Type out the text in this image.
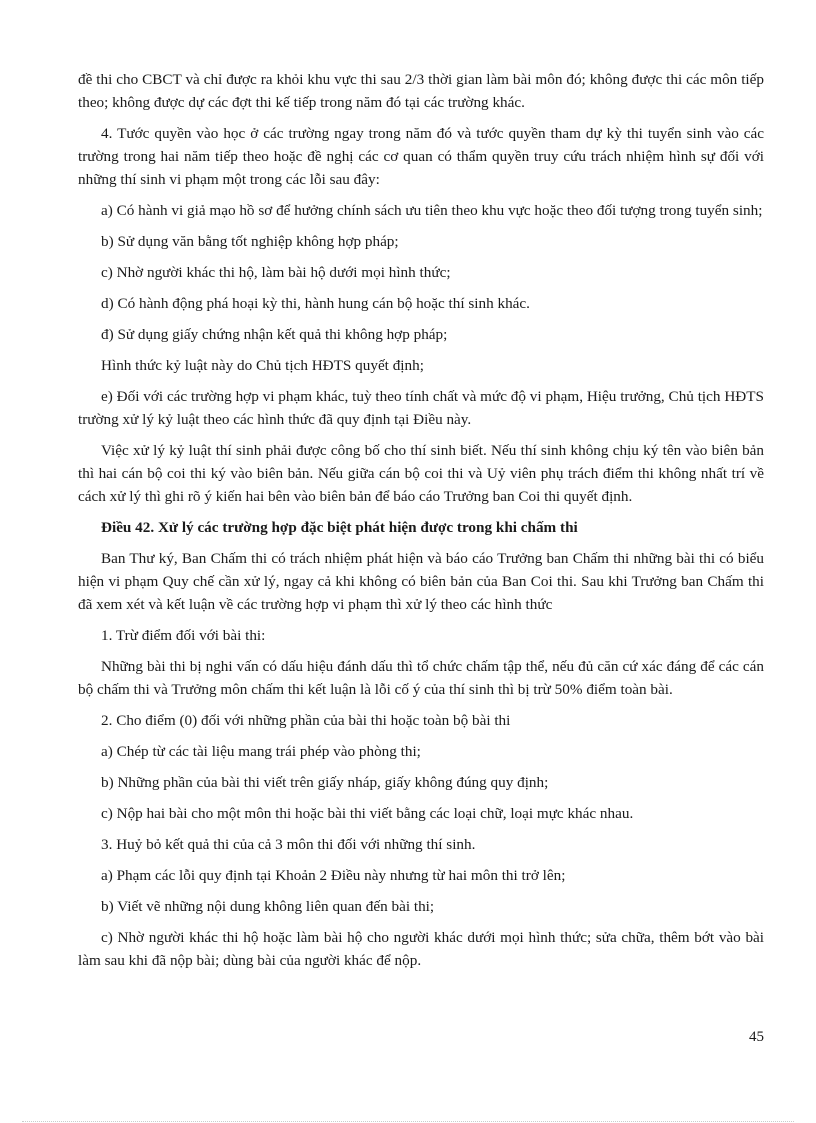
đề thi cho CBCT và chỉ được ra khỏi khu vực thi sau 2/3 thời gian làm bài môn đó; không được thi các môn tiếp theo; không được dự các đợt thi kế tiếp trong năm đó tại các trường khác.

4. Tước quyền vào học ở các trường ngay trong năm đó và tước quyền tham dự kỳ thi tuyển sinh vào các trường trong hai năm tiếp theo hoặc đề nghị các cơ quan có thẩm quyền truy cứu trách nhiệm hình sự đối với những thí sinh vi phạm một trong các lỗi sau đây:

a) Có hành vi giả mạo hồ sơ để hưởng chính sách ưu tiên theo khu vực hoặc theo đối tượng trong tuyển sinh;

b) Sử dụng văn bằng tốt nghiệp không hợp pháp;

c) Nhờ người khác thi hộ, làm bài hộ dưới mọi hình thức;

d) Có hành động phá hoại kỳ thi, hành hung cán bộ hoặc thí sinh khác.

đ) Sử dụng giấy chứng nhận kết quả thi không hợp pháp;

Hình thức kỷ luật này do Chủ tịch HĐTS quyết định;

e) Đối với các trường hợp vi phạm khác, tuỳ theo tính chất và mức độ vi phạm, Hiệu trưởng, Chủ tịch HĐTS trường xử lý kỷ luật theo các hình thức đã quy định tại Điều này.

Việc xử lý kỷ luật thí sinh phải được công bố cho thí sinh biết. Nếu thí sinh không chịu ký tên vào biên bản thì hai cán bộ coi thi ký vào biên bản. Nếu giữa cán bộ coi thi và Uỷ viên phụ trách điểm thi không nhất trí về cách xử lý thì ghi rõ ý kiến hai bên vào biên bản để báo cáo Trưởng ban Coi thi quyết định.

Điều 42. Xử lý các trường hợp đặc biệt phát hiện được trong khi chấm thi

Ban Thư ký, Ban Chấm thi có trách nhiệm phát hiện và báo cáo Trưởng ban Chấm thi những bài thi có biểu hiện vi phạm Quy chế cần xử lý, ngay cả khi không có biên bản của Ban Coi thi. Sau khi Trưởng ban Chấm thi đã xem xét và kết luận về các trường hợp vi phạm thì xử lý theo các hình thức

1. Trừ điểm đối với bài thi:

Những bài thi bị nghi vấn có dấu hiệu đánh dấu thì tổ chức chấm tập thể, nếu đủ căn cứ xác đáng để các cán bộ chấm thi và Trưởng môn chấm thi kết luận là lỗi cố ý của thí sinh thì bị trừ 50% điểm toàn bài.

2. Cho điểm (0) đối với những phần của bài thi hoặc toàn bộ bài thi

a) Chép từ các tài liệu mang trái phép vào phòng thi;

b) Những phần của bài thi viết trên giấy nháp, giấy không đúng quy định;

c) Nộp hai bài cho một môn thi hoặc bài thi viết bằng các loại chữ, loại mực khác nhau.

3. Huỷ bỏ kết quả thi của cả 3 môn thi đối với những thí sinh.

a) Phạm các lỗi quy định tại Khoản 2 Điều này nhưng từ hai môn thi trở lên;

b) Viết vẽ những nội dung không liên quan đến bài thi;

c) Nhờ người khác thi hộ hoặc làm bài hộ cho người khác dưới mọi hình thức; sửa chữa, thêm bớt vào bài làm sau khi đã nộp bài; dùng bài của người khác để nộp.

45
